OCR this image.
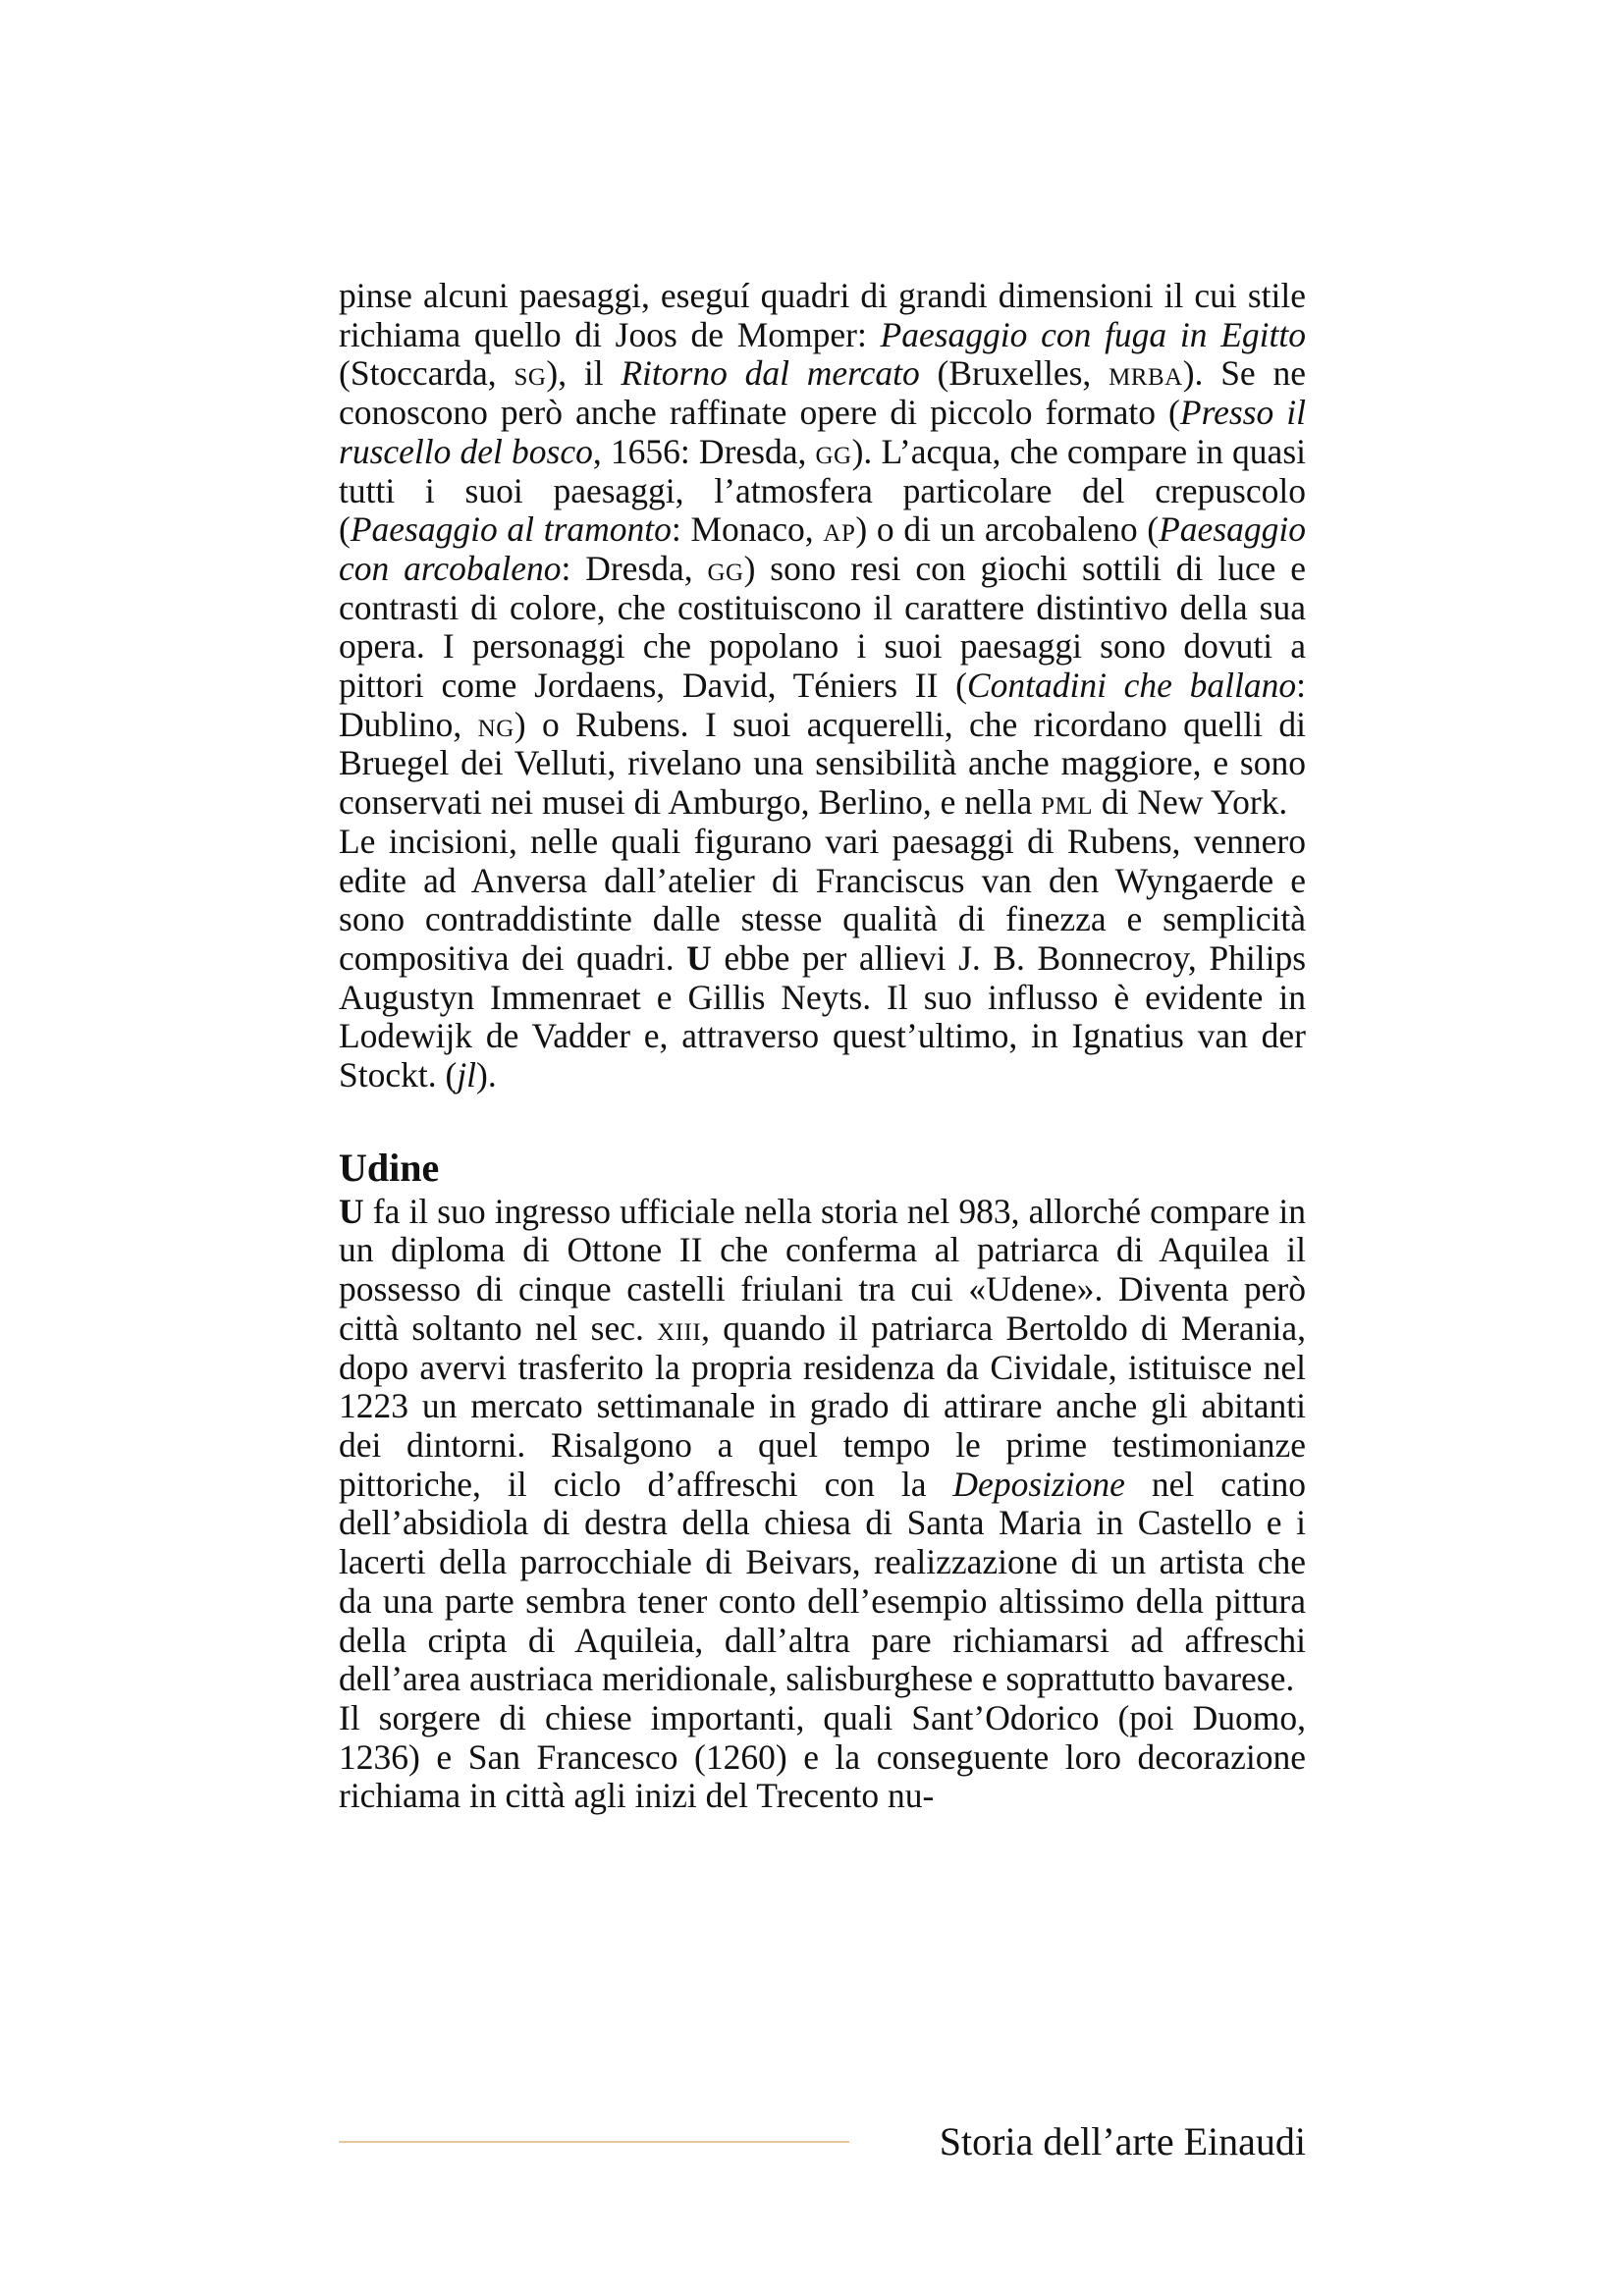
pinse alcuni paesaggi, eseguí quadri di grandi dimensioni il cui stile richiama quello di Joos de Momper: Paesaggio con fuga in Egitto (Stoccarda, sg), il Ritorno dal mercato (Bruxelles, mrba). Se ne conoscono però anche raffinate opere di piccolo formato (Presso il ruscello del bosco, 1656: Dresda, gg). L’acqua, che compare in quasi tutti i suoi paesaggi, l’atmosfera particolare del crepuscolo (Paesaggio al tramonto: Monaco, ap) o di un arcobaleno (Paesaggio con arcobaleno: Dresda, gg) sono resi con giochi sottili di luce e contrasti di colore, che costituiscono il carattere distintivo della sua opera. I personaggi che popolano i suoi paesaggi sono dovuti a pittori come Jordaens, David, Téniers II (Contadini che ballano: Dublino, ng) o Rubens. I suoi acquerelli, che ricordano quelli di Bruegel dei Velluti, rivelano una sensibilità anche maggiore, e sono conservati nei musei di Amburgo, Berlino, e nella pml di New York.

Le incisioni, nelle quali figurano vari paesaggi di Rubens, vennero edite ad Anversa dall’atelier di Franciscus van den Wyngaerde e sono contraddistinte dalle stesse qualità di finezza e semplicità compositiva dei quadri. U ebbe per allievi J. B. Bonnecroy, Philips Augustyn Immenraet e Gillis Neyts. Il suo influsso è evidente in Lodewijk de Vadder e, attraverso quest’ultimo, in Ignatius van der Stockt. (jl).

Udine

U fa il suo ingresso ufficiale nella storia nel 983, allorché compare in un diploma di Ottone II che conferma al patriarca di Aquilea il possesso di cinque castelli friulani tra cui «Udene». Diventa però città soltanto nel sec. xiii, quando il patriarca Bertoldo di Merania, dopo avervi trasferito la propria residenza da Cividale, istituisce nel 1223 un mercato settimanale in grado di attirare anche gli abitanti dei dintorni. Risalgono a quel tempo le prime testimonianze pittoriche, il ciclo d’affreschi con la Deposizione nel catino dell’absidiola di destra della chiesa di Santa Maria in Castello e i lacerti della parrocchiale di Beivars, realizzazione di un artista che da una parte sembra tener conto dell’esempio altissimo della pittura della cripta di Aquileia, dall’altra pare richiamarsi ad affreschi dell’area austriaca meridionale, salisburghese e soprattutto bavarese.

Il sorgere di chiese importanti, quali Sant’Odorico (poi Duomo, 1236) e San Francesco (1260) e la conseguente loro decorazione richiama in città agli inizi del Trecento nu-

Storia dell’arte Einaudi
